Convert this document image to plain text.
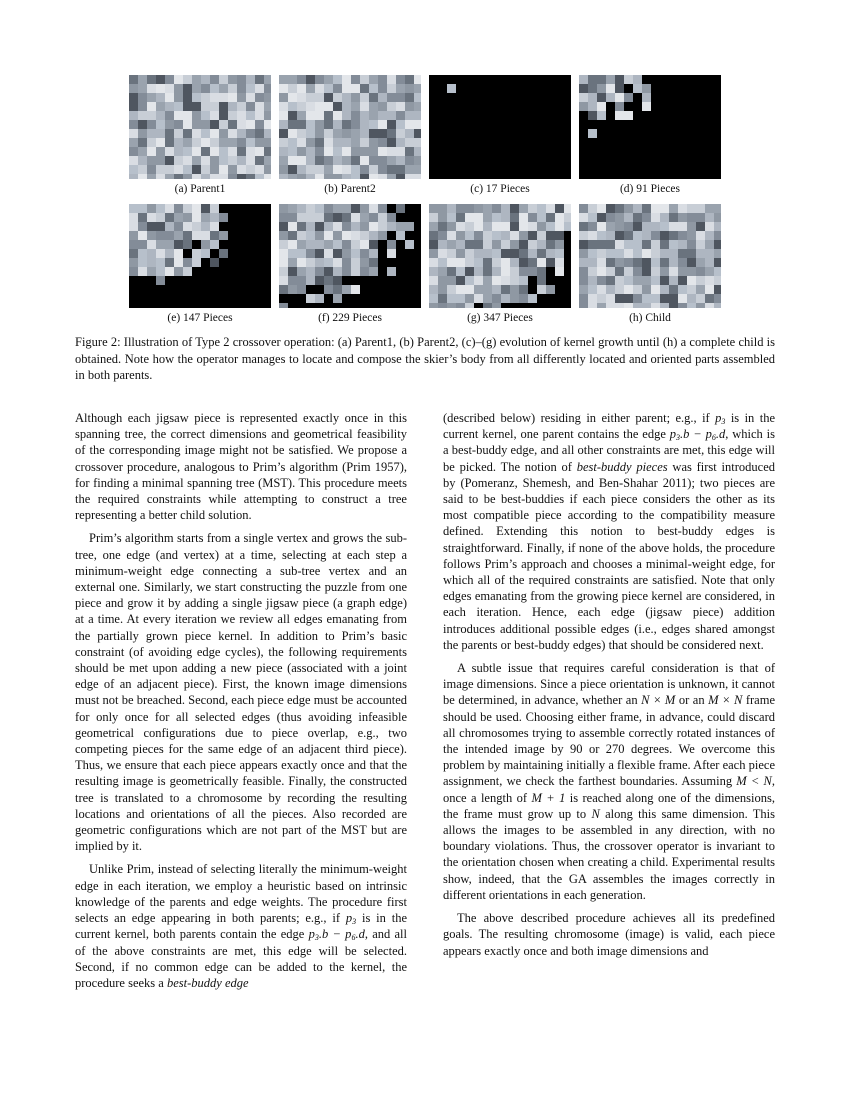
(a) Parent1	(b) Parent2	(c) 17 Pieces	(d) 91 Pieces
(e) 147 Pieces	(f) 229 Pieces	(g) 347 Pieces	(h) Child
Figure 2: Illustration of Type 2 crossover operation: (a) Parent1, (b) Parent2, (c)–(g) evolution of kernel growth until (h) a complete child is obtained. Note how the operator manages to locate and compose the skier’s body from all differently located and oriented parts assembled in both parents.

Although each jigsaw piece is represented exactly once in this spanning tree, the correct dimensions and geometrical feasibility of the corresponding image might not be satisfied. We propose a crossover procedure, analogous to Prim’s algorithm (Prim 1957), for finding a minimal spanning tree (MST). This procedure meets the required constraints while attempting to construct a tree representing a better child solution.

Prim’s algorithm starts from a single vertex and grows the sub-tree, one edge (and vertex) at a time, selecting at each step a minimum-weight edge connecting a sub-tree vertex and an external one. Similarly, we start constructing the puzzle from one piece and grow it by adding a single jigsaw piece (a graph edge) at a time. At every iteration we review all edges emanating from the partially grown piece kernel. In addition to Prim’s basic constraint (of avoiding edge cycles), the following requirements should be met upon adding a new piece (associated with a joint edge of an adjacent piece). First, the known image dimensions must not be breached. Second, each piece edge must be accounted for only once for all selected edges (thus avoiding infeasible geometrical configurations due to piece overlap, e.g., two competing pieces for the same edge of an adjacent third piece). Thus, we ensure that each piece appears exactly once and that the resulting image is geometrically feasible. Finally, the constructed tree is translated to a chromosome by recording the resulting locations and orientations of all the pieces. Also recorded are geometric configurations which are not part of the MST but are implied by it.

Unlike Prim, instead of selecting literally the minimum-weight edge in each iteration, we employ a heuristic based on intrinsic knowledge of the parents and edge weights. The procedure first selects an edge appearing in both parents; e.g., if $p_3$ is in the current kernel, both parents contain the edge $p_3.b - p_6.d$, and all of the above constraints are met, this edge will be selected. Second, if no common edge can be added to the kernel, the procedure seeks a best-buddy edge

(described below) residing in either parent; e.g., if $p_3$ is in the current kernel, one parent contains the edge $p_3.b - p_6.d$, which is a best-buddy edge, and all other constraints are met, this edge will be picked. The notion of best-buddy pieces was first introduced by (Pomeranz, Shemesh, and Ben-Shahar 2011); two pieces are said to be best-buddies if each piece considers the other as its most compatible piece according to the compatibility measure defined. Extending this notion to best-buddy edges is straightforward. Finally, if none of the above holds, the procedure follows Prim’s approach and chooses a minimal-weight edge, for which all of the required constraints are satisfied. Note that only edges emanating from the growing piece kernel are considered, in each iteration. Hence, each edge (jigsaw piece) addition introduces additional possible edges (i.e., edges shared amongst the parents or best-buddy edges) that should be considered next.

A subtle issue that requires careful consideration is that of image dimensions. Since a piece orientation is unknown, it cannot be determined, in advance, whether an N × M or an M × N frame should be used. Choosing either frame, in advance, could discard all chromosomes trying to assemble correctly rotated instances of the intended image by 90 or 270 degrees. We overcome this problem by maintaining initially a flexible frame. After each piece assignment, we check the farthest boundaries. Assuming M < N, once a length of M + 1 is reached along one of the dimensions, the frame must grow up to N along this same dimension. This allows the images to be assembled in any direction, with no boundary violations. Thus, the crossover operator is invariant to the orientation chosen when creating a child. Experimental results show, indeed, that the GA assembles the images correctly in different orientations in each generation.

The above described procedure achieves all its predefined goals. The resulting chromosome (image) is valid, each piece appears exactly once and both image dimensions and
